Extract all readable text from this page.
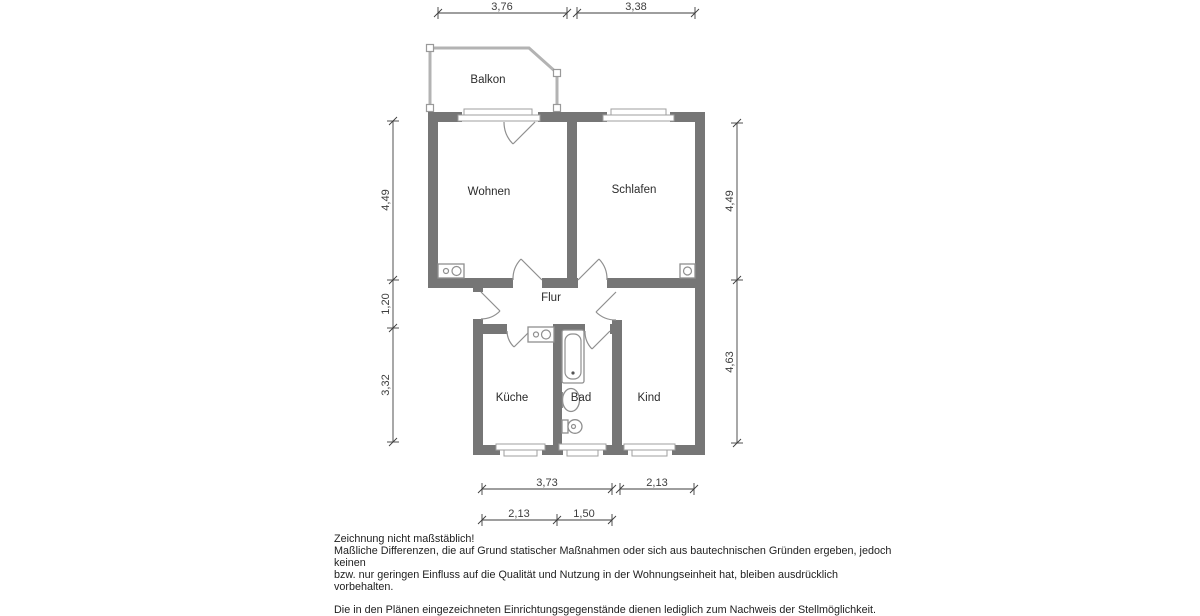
Balkon
Wohnen	Schlafen
Flur
Küche	Bad	Kind
3,76	3,38
4,49
1,20
3,32
4,49
4,63
3,73	2,13
2,13	1,50

Zeichnung nicht maßstäblich!

Maßliche Differenzen, die auf Grund statischer Maßnahmen oder sich aus bautechnischen Gründen ergeben, jedoch keinen

bzw. nur geringen Einfluss auf die Qualität und Nutzung in der Wohnungseinheit hat, bleiben ausdrücklich vorbehalten.

Die in den Plänen eingezeichneten Einrichtungsgegenstände dienen lediglich zum Nachweis der Stellmöglichkeit.
